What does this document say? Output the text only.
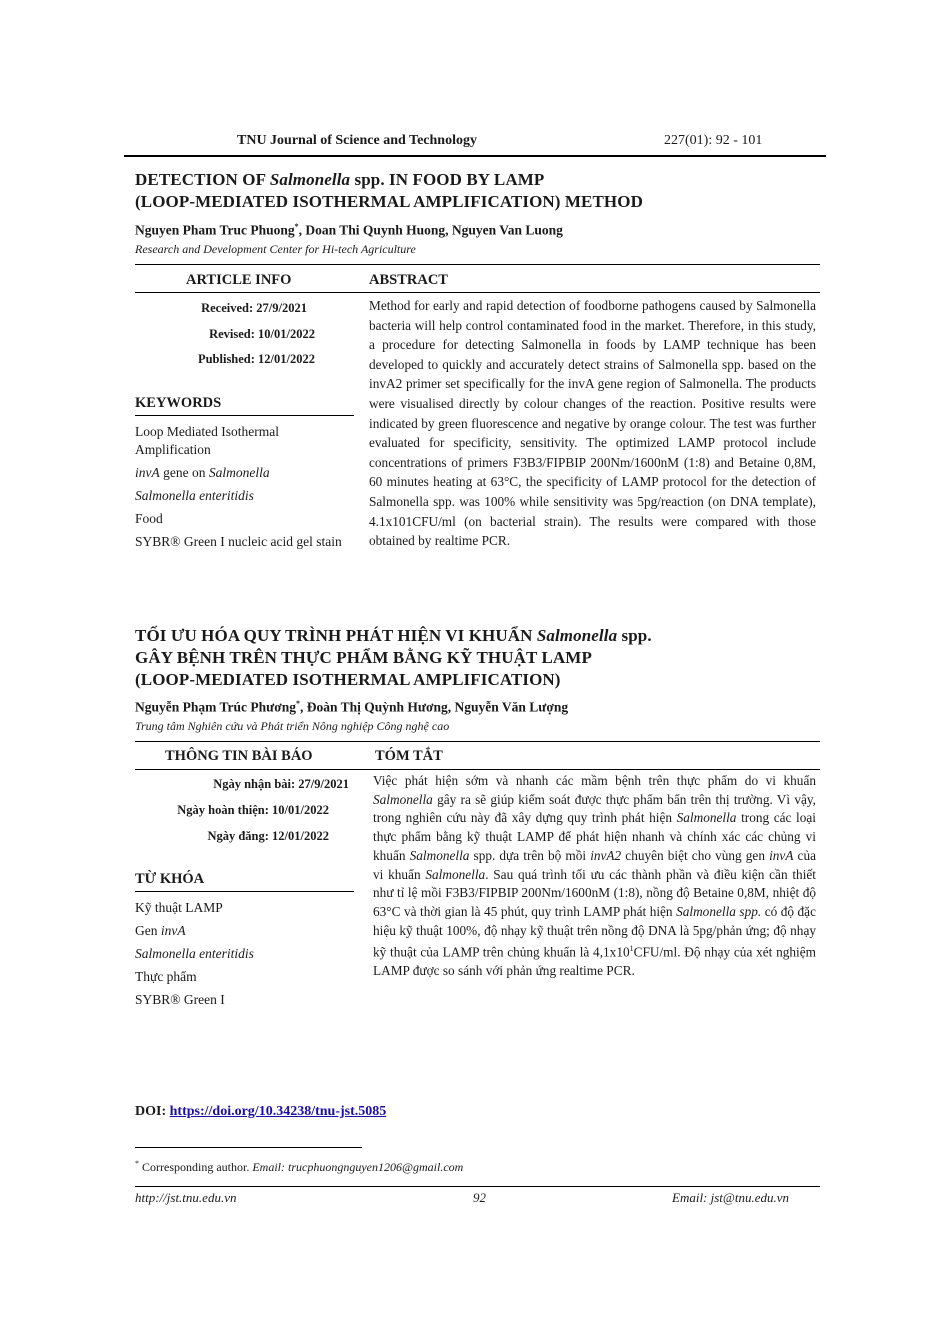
TNU Journal of Science and Technology	227(01): 92 - 101
DETECTION OF Salmonella spp. IN FOOD BY LAMP
(LOOP-MEDIATED ISOTHERMAL AMPLIFICATION) METHOD
Nguyen Pham Truc Phuong*, Doan Thi Quynh Huong, Nguyen Van Luong
Research and Development Center for Hi-tech Agriculture
ARTICLE INFO	ABSTRACT
Received: 27/9/2021
Revised: 10/01/2022
Published: 12/01/2022
KEYWORDS
Loop Mediated Isothermal Amplification
invA gene on Salmonella
Salmonella enteritidis
Food
SYBR® Green I nucleic acid gel stain
Method for early and rapid detection of foodborne pathogens caused by Salmonella bacteria will help control contaminated food in the market. Therefore, in this study, a procedure for detecting Salmonella in foods by LAMP technique has been developed to quickly and accurately detect strains of Salmonella spp. based on the invA2 primer set specifically for the invA gene region of Salmonella. The products were visualised directly by colour changes of the reaction. Positive results were indicated by green fluorescence and negative by orange colour. The test was further evaluated for specificity, sensitivity. The optimized LAMP protocol include concentrations of primers F3B3/FIPBIP 200Nm/1600nM (1:8) and Betaine 0,8M, 60 minutes heating at 63°C, the specificity of LAMP protocol for the detection of Salmonella spp. was 100% while sensitivity was 5pg/reaction (on DNA template), 4.1x101CFU/ml (on bacterial strain). The results were compared with those obtained by realtime PCR.
TỐI ƯU HÓA QUY TRÌNH PHÁT HIỆN VI KHUẨN Salmonella spp.
GÂY BỆNH TRÊN THỰC PHẨM BẰNG KỸ THUẬT LAMP
(LOOP-MEDIATED ISOTHERMAL AMPLIFICATION)
Nguyễn Phạm Trúc Phương*, Đoàn Thị Quỳnh Hương, Nguyễn Văn Lượng
Trung tâm Nghiên cứu và Phát triển Nông nghiệp Công nghệ cao
THÔNG TIN BÀI BÁO	TÓM TẮT
Ngày nhận bài: 27/9/2021
Ngày hoàn thiện: 10/01/2022
Ngày đăng: 12/01/2022
TỪ KHÓA
Kỹ thuật LAMP
Gen invA
Salmonella enteritidis
Thực phẩm
SYBR® Green I
Việc phát hiện sớm và nhanh các mầm bệnh trên thực phẩm do vi khuẩn Salmonella gây ra sẽ giúp kiểm soát được thực phẩm bẩn trên thị trường. Vì vậy, trong nghiên cứu này đã xây dựng quy trình phát hiện Salmonella trong các loại thực phẩm bằng kỹ thuật LAMP để phát hiện nhanh và chính xác các chủng vi khuẩn Salmonella spp. dựa trên bộ mồi invA2 chuyên biệt cho vùng gen invA của vi khuẩn Salmonella. Sau quá trình tối ưu các thành phần và điều kiện cần thiết như tỉ lệ mồi F3B3/FIPBIP 200Nm/1600nM (1:8), nồng độ Betaine 0,8M, nhiệt độ 63°C và thời gian là 45 phút, quy trình LAMP phát hiện Salmonella spp. có độ đặc hiệu kỹ thuật 100%, độ nhạy kỹ thuật trên nồng độ DNA là 5pg/phản ứng; độ nhạy kỹ thuật của LAMP trên chủng khuẩn là $4,1x10^1CFU/ml$. Độ nhạy của xét nghiệm LAMP được so sánh với phản ứng realtime PCR.
DOI: https://doi.org/10.34238/tnu-jst.5085
* Corresponding author. Email: trucphuongnguyen1206@gmail.com
http://jst.tnu.edu.vn	92	Email: jst@tnu.edu.vn
